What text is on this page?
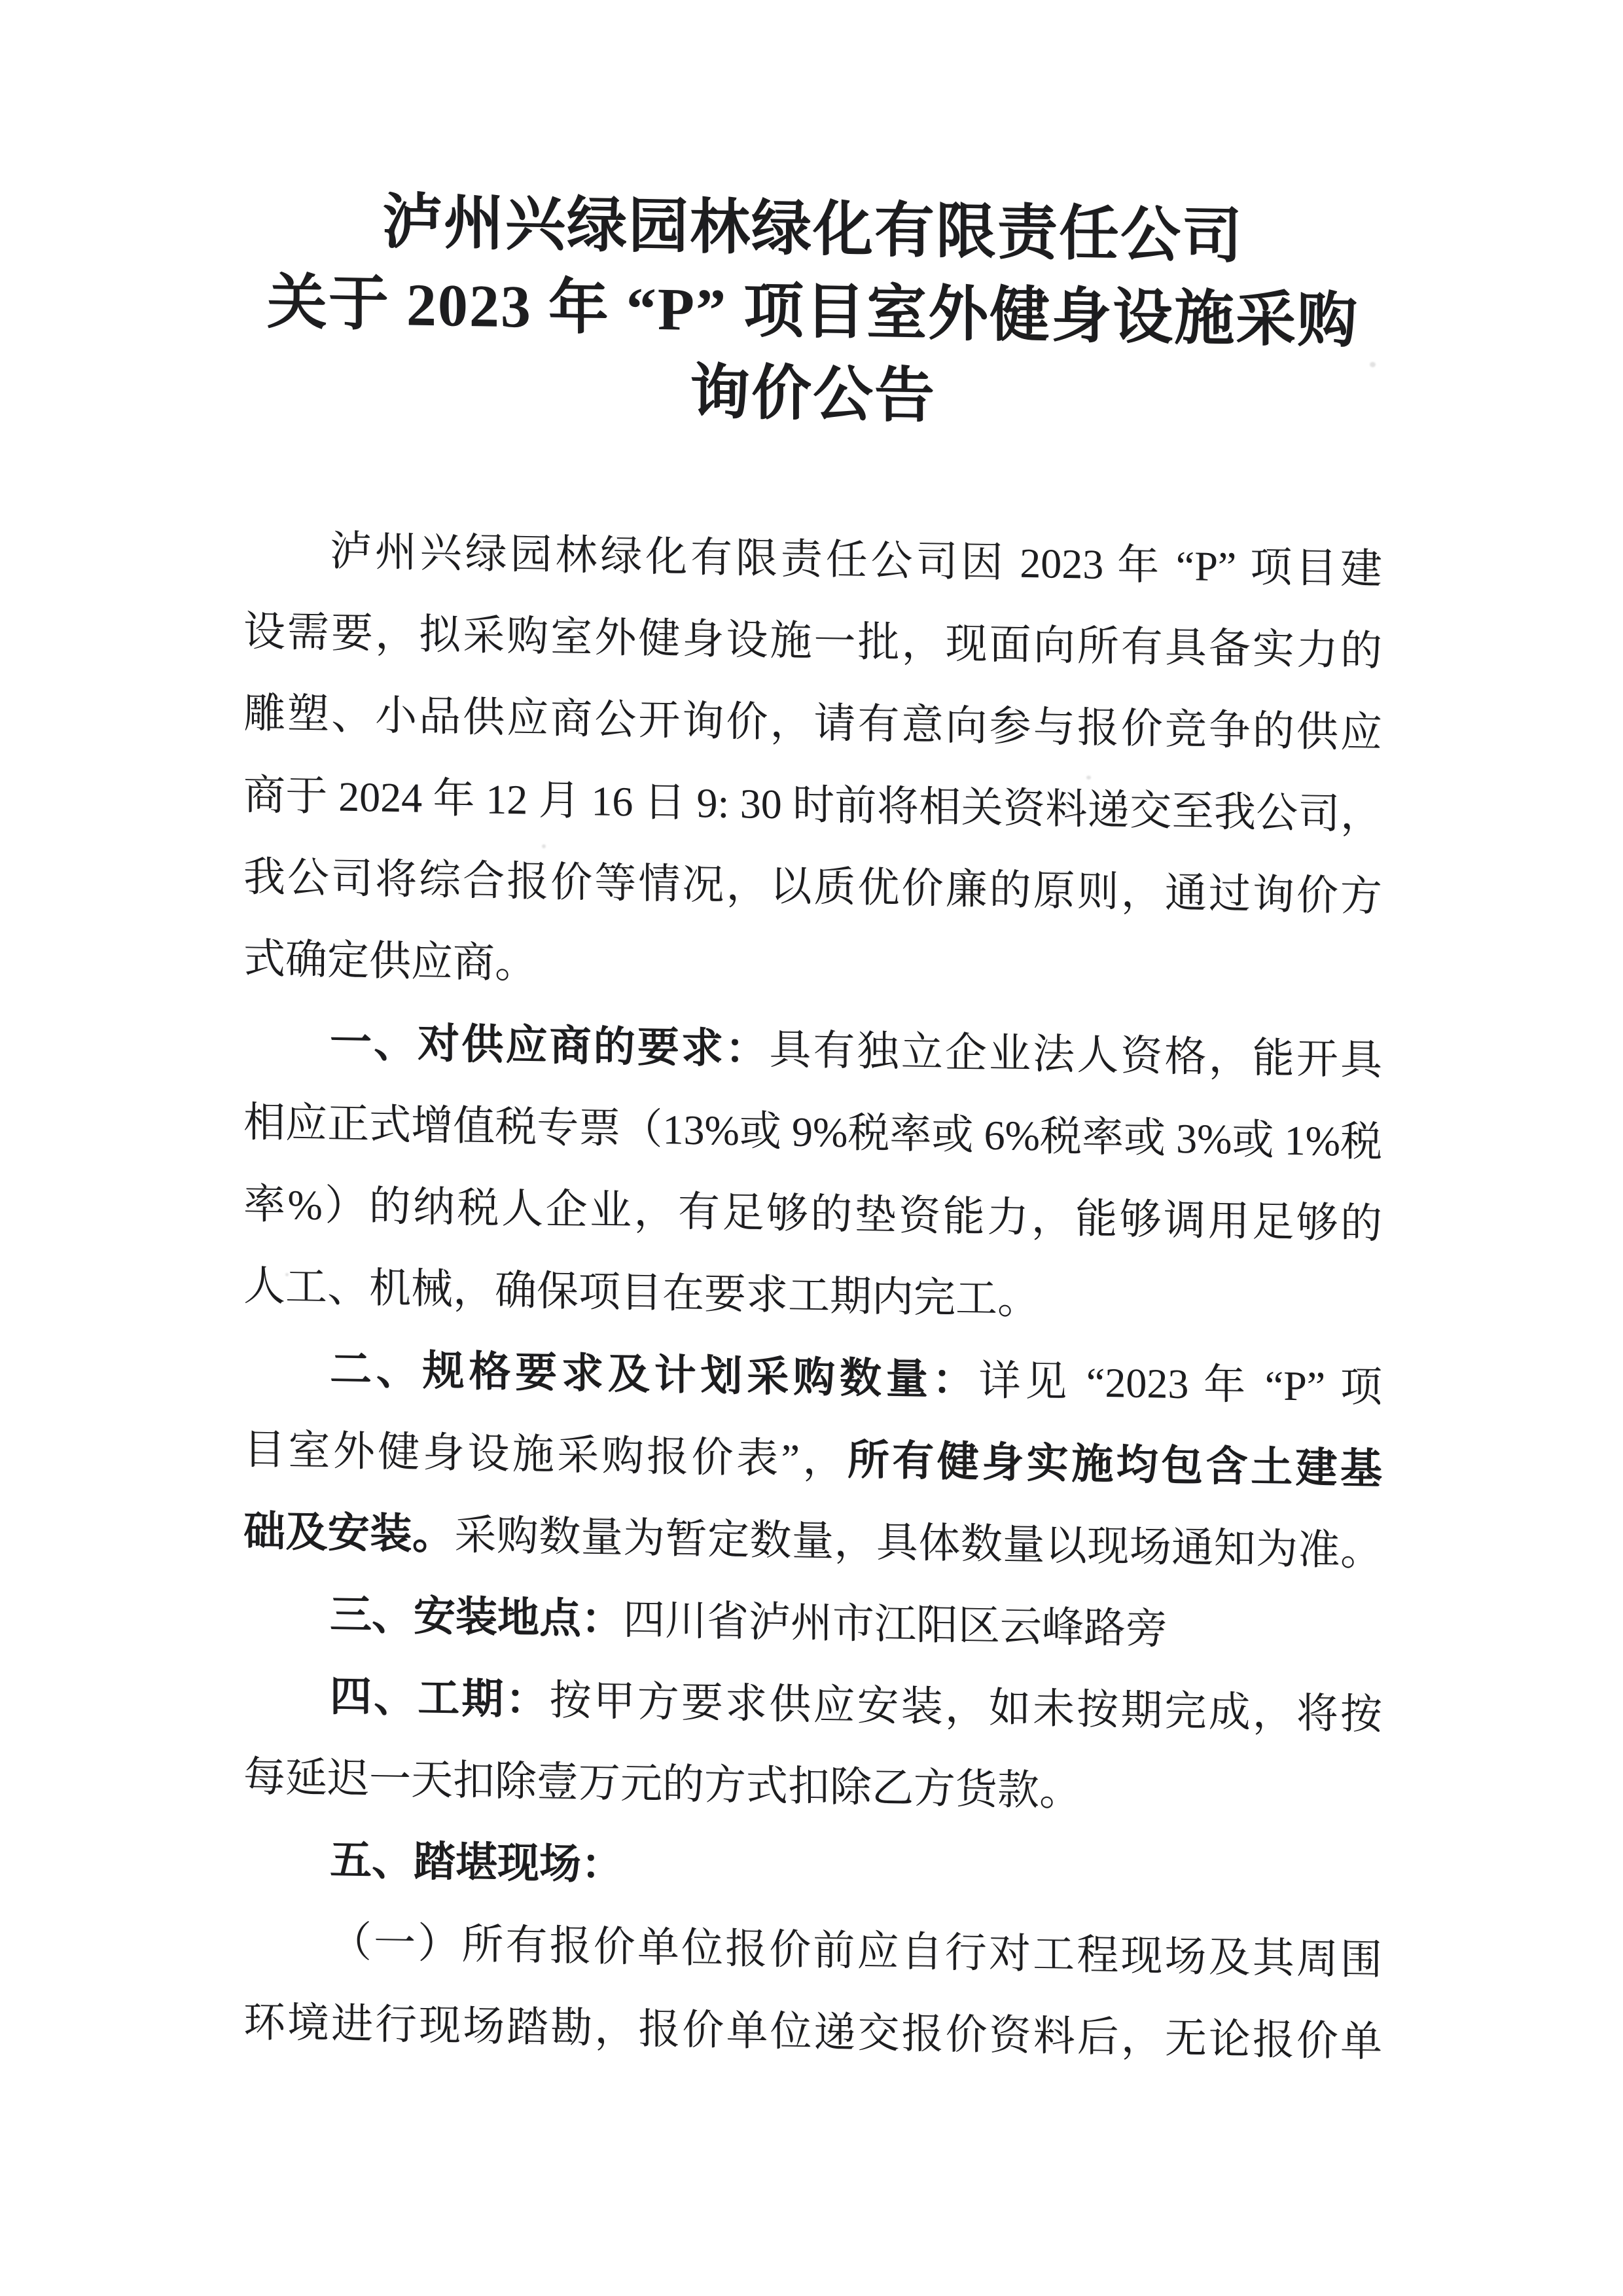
泸州兴绿园林绿化有限责任公司
关于 2023 年 “P” 项目室外健身设施采购
询价公告
泸州兴绿园林绿化有限责任公司因 2023 年 “P” 项目建
设需要，拟采购室外健身设施一批，现面向所有具备实力的
雕塑、小品供应商公开询价，请有意向参与报价竞争的供应
商于 2024 年 12 月 16 日 9: 30 时前将相关资料递交至我公司，
我公司将综合报价等情况，以质优价廉的原则，通过询价方
式确定供应商。
一、对供应商的要求：具有独立企业法人资格，能开具
相应正式增值税专票（13%或 9%税率或 6%税率或 3%或 1%税
率%）的纳税人企业，有足够的垫资能力，能够调用足够的
人工、机械，确保项目在要求工期内完工。
二、规格要求及计划采购数量：详见 “2023 年 “P” 项
目室外健身设施采购报价表”，所有健身实施均包含土建基
础及安装。采购数量为暂定数量，具体数量以现场通知为准。
三、安装地点：四川省泸州市江阳区云峰路旁
四、工期：按甲方要求供应安装，如未按期完成，将按
每延迟一天扣除壹万元的方式扣除乙方货款。
五、踏堪现场：
（一）所有报价单位报价前应自行对工程现场及其周围
环境进行现场踏勘，报价单位递交报价资料后，无论报价单
